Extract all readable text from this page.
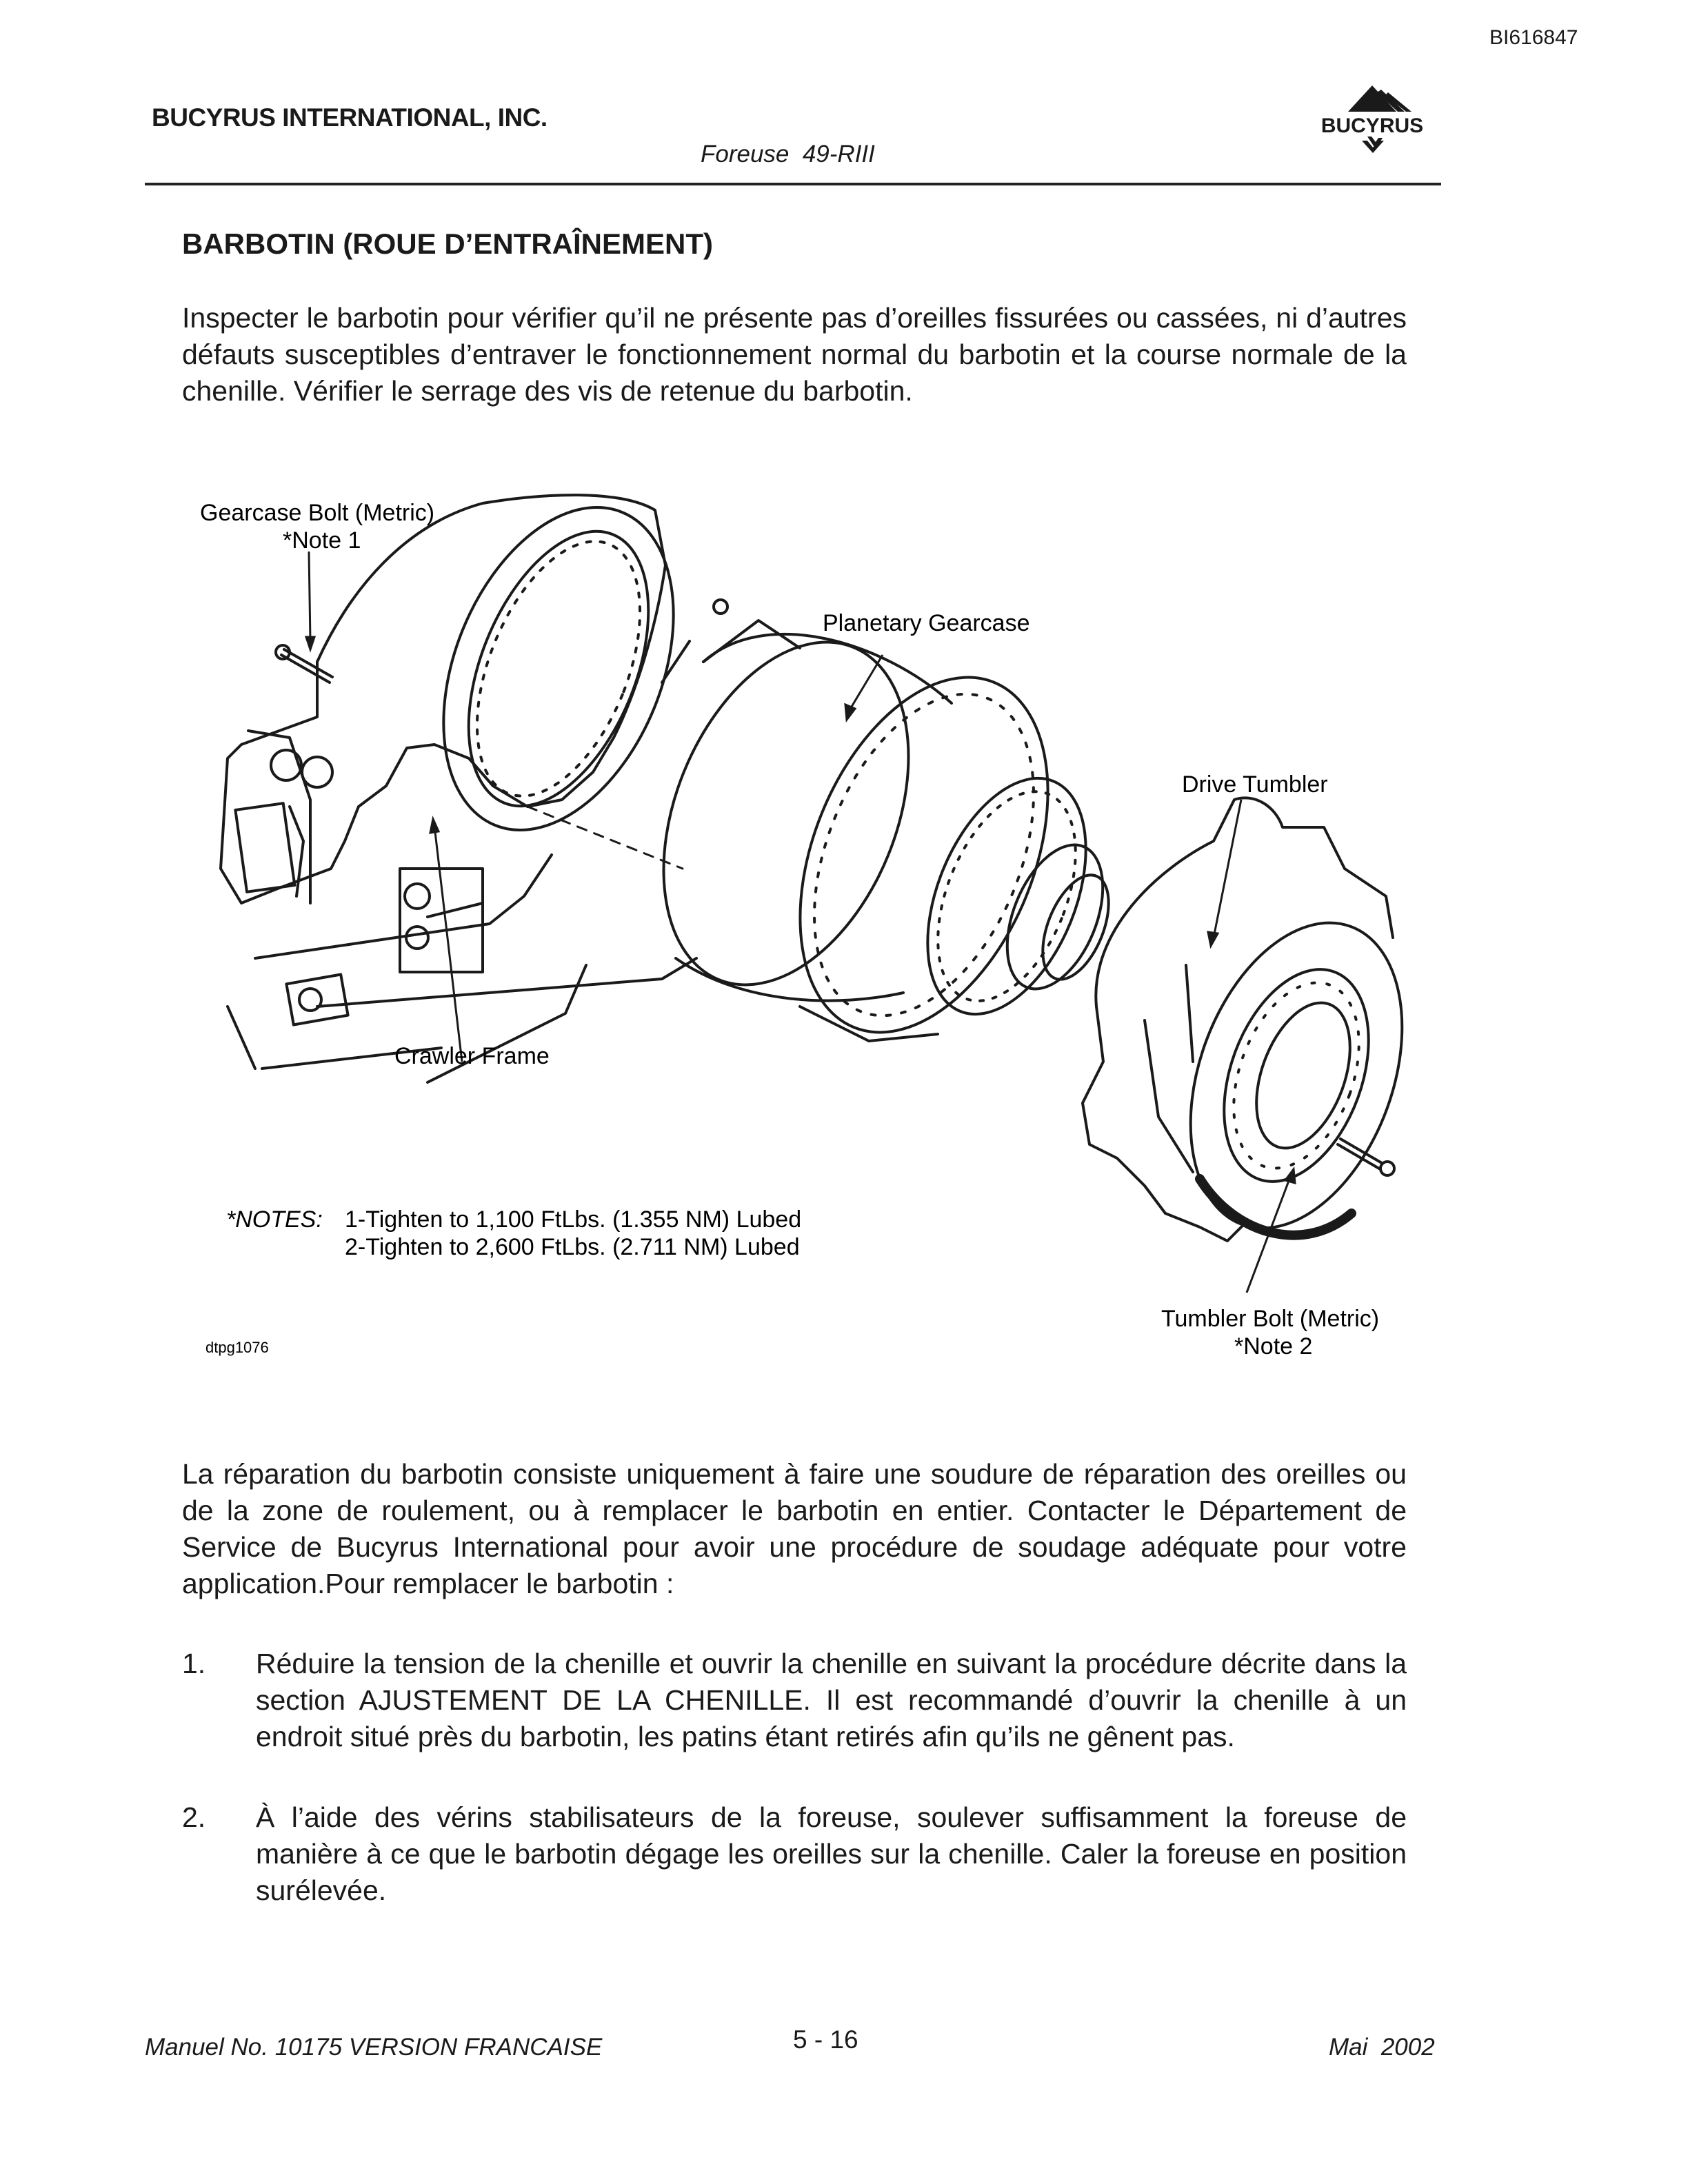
BI616847
BUCYRUS INTERNATIONAL, INC.
Foreuse  49-RIII
BUCYRUS
BARBOTIN (ROUE D’ENTRAÎNEMENT)
Inspecter le barbotin pour vérifier qu’il ne présente pas d’oreilles fissurées ou cassées, ni d’autres défauts susceptibles d’entraver le fonctionnement normal du barbotin et la course normale de la chenille. Vérifier le serrage des vis de retenue du barbotin.
Gearcase Bolt (Metric)
*Note 1
Planetary Gearcase
Drive Tumbler
Crawler Frame
*NOTES: 1-Tighten to 1,100 FtLbs. (1.355 NM) Lubed
2-Tighten to 2,600 FtLbs. (2.711 NM) Lubed
Tumbler Bolt (Metric)
*Note 2
dtpg1076
La réparation du barbotin consiste uniquement à faire une soudure de réparation des oreilles ou de la zone de roulement, ou à remplacer le barbotin en entier. Contacter le Département de Service de Bucyrus International pour avoir une procédure de soudage adéquate pour votre application.Pour remplacer le barbotin :
1. Réduire la tension de la chenille et ouvrir la chenille en suivant la procédure décrite dans la section AJUSTEMENT DE LA CHENILLE. Il est recommandé d’ouvrir la chenille à un endroit situé près du barbotin, les patins étant retirés afin qu’ils ne gênent pas.
2. À l’aide des vérins stabilisateurs de la foreuse, soulever suffisamment la foreuse de manière à ce que le barbotin dégage les oreilles sur la chenille. Caler la foreuse en position surélevée.
Manuel No. 10175 VERSION FRANCAISE	5 - 16	Mai  2002
